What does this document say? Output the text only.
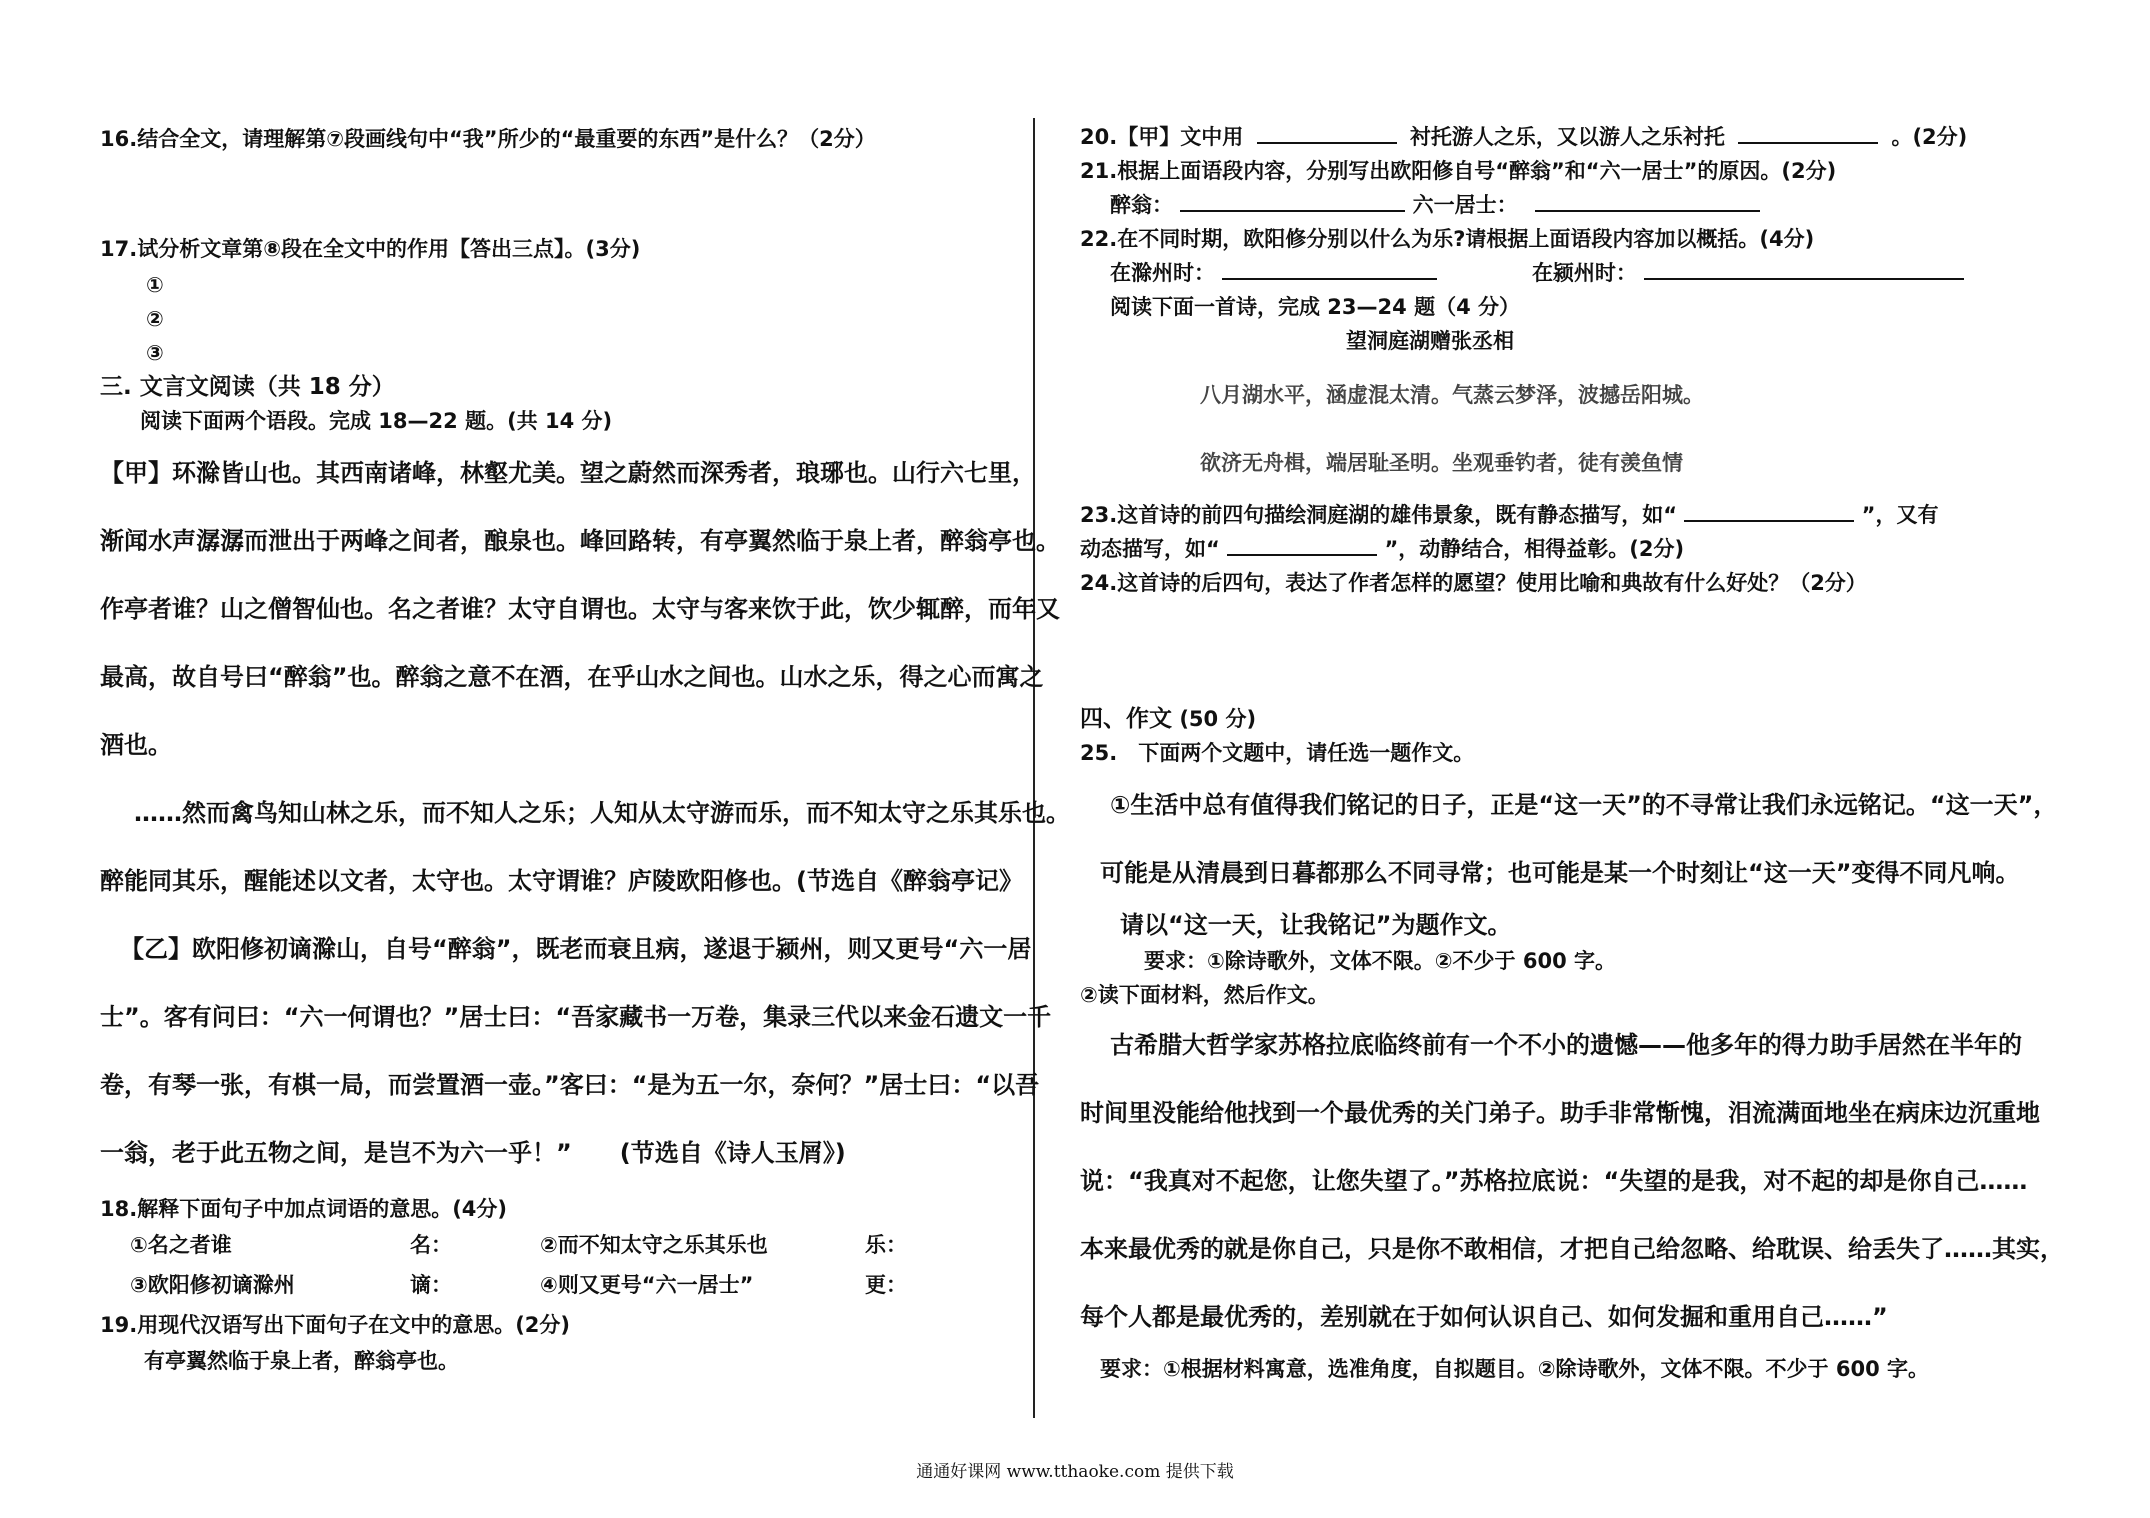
16.结合全文，请理解第⑦段画线句中“我”所少的“最重要的东西”是什么？（2分）
17.试分析文章第⑧段在全文中的作用【答出三点】。(3分)
①
②
③
三. 文言文阅读（共 18 分）
阅读下面两个语段。完成 18—22 题。(共 14 分)
【甲】环滁皆山也。其西南诸峰，林壑尤美。望之蔚然而深秀者，琅琊也。山行六七里，
渐闻水声潺潺而泄出于两峰之间者，酿泉也。峰回路转，有亭翼然临于泉上者，醉翁亭也。
作亭者谁？山之僧智仙也。名之者谁？太守自谓也。太守与客来饮于此，饮少辄醉，而年又
最高，故自号曰“醉翁”也。醉翁之意不在酒，在乎山水之间也。山水之乐，得之心而寓之
酒也。
……然而禽鸟知山林之乐，而不知人之乐；人知从太守游而乐，而不知太守之乐其乐也。
醉能同其乐，醒能述以文者，太守也。太守谓谁？庐陵欧阳修也。(节选自《醉翁亭记》
【乙】欧阳修初谪滁山，自号“醉翁”，既老而衰且病，遂退于颍州，则又更号“六一居
士”。客有问曰：“六一何谓也？”居士曰：“吾家藏书一万卷，集录三代以来金石遗文一千
卷，有琴一张，有棋一局，而尝置酒一壶。”客曰：“是为五一尔，奈何？”居士曰：“以吾
一翁，老于此五物之间，是岂不为六一乎！”　　(节选自《诗人玉屑》)
18.解释下面句子中加点词语的意思。(4分)
①名之者谁	名：	②而不知太守之乐其乐也	乐：
③欧阳修初谪滁州	谪：	④则又更号“六一居士”	更：
19.用现代汉语写出下面句子在文中的意思。(2分)
有亭翼然临于泉上者，醉翁亭也。
20.【甲】文中用	衬托游人之乐，又以游人之乐衬托	。(2分)
21.根据上面语段内容，分别写出欧阳修自号“醉翁”和“六一居士”的原因。(2分)
醉翁：	六一居士：
22.在不同时期，欧阳修分别以什么为乐?请根据上面语段内容加以概括。(4分)
在滁州时：	在颍州时：
阅读下面一首诗，完成 23—24 题（4 分）
望洞庭湖赠张丞相
八月湖水平，涵虚混太清。气蒸云梦泽，波撼岳阳城。
欲济无舟楫，端居耻圣明。坐观垂钓者，徒有羡鱼情
23.这首诗的前四句描绘洞庭湖的雄伟景象，既有静态描写，如“	”，又有
动态描写，如“	”，动静结合，相得益彰。(2分)
24.这首诗的后四句，表达了作者怎样的愿望？使用比喻和典故有什么好处？（2分）
四、作文 (50 分)
25.　下面两个文题中，请任选一题作文。
①生活中总有值得我们铭记的日子，正是“这一天”的不寻常让我们永远铭记。“这一天”，
可能是从清晨到日暮都那么不同寻常；也可能是某一个时刻让“这一天”变得不同凡响。
请以“这一天，让我铭记”为题作文。
要求：①除诗歌外，文体不限。②不少于 600 字。
②读下面材料，然后作文。
古希腊大哲学家苏格拉底临终前有一个不小的遗憾——他多年的得力助手居然在半年的
时间里没能给他找到一个最优秀的关门弟子。助手非常惭愧，泪流满面地坐在病床边沉重地
说：“我真对不起您，让您失望了。”苏格拉底说：“失望的是我，对不起的却是你自己……
本来最优秀的就是你自己，只是你不敢相信，才把自己给忽略、给耽误、给丢失了……其实，
每个人都是最优秀的，差别就在于如何认识自己、如何发掘和重用自己……”
要求：①根据材料寓意，选准角度，自拟题目。②除诗歌外，文体不限。不少于 600 字。
通通好课网 www.tthaoke.com 提供下载
